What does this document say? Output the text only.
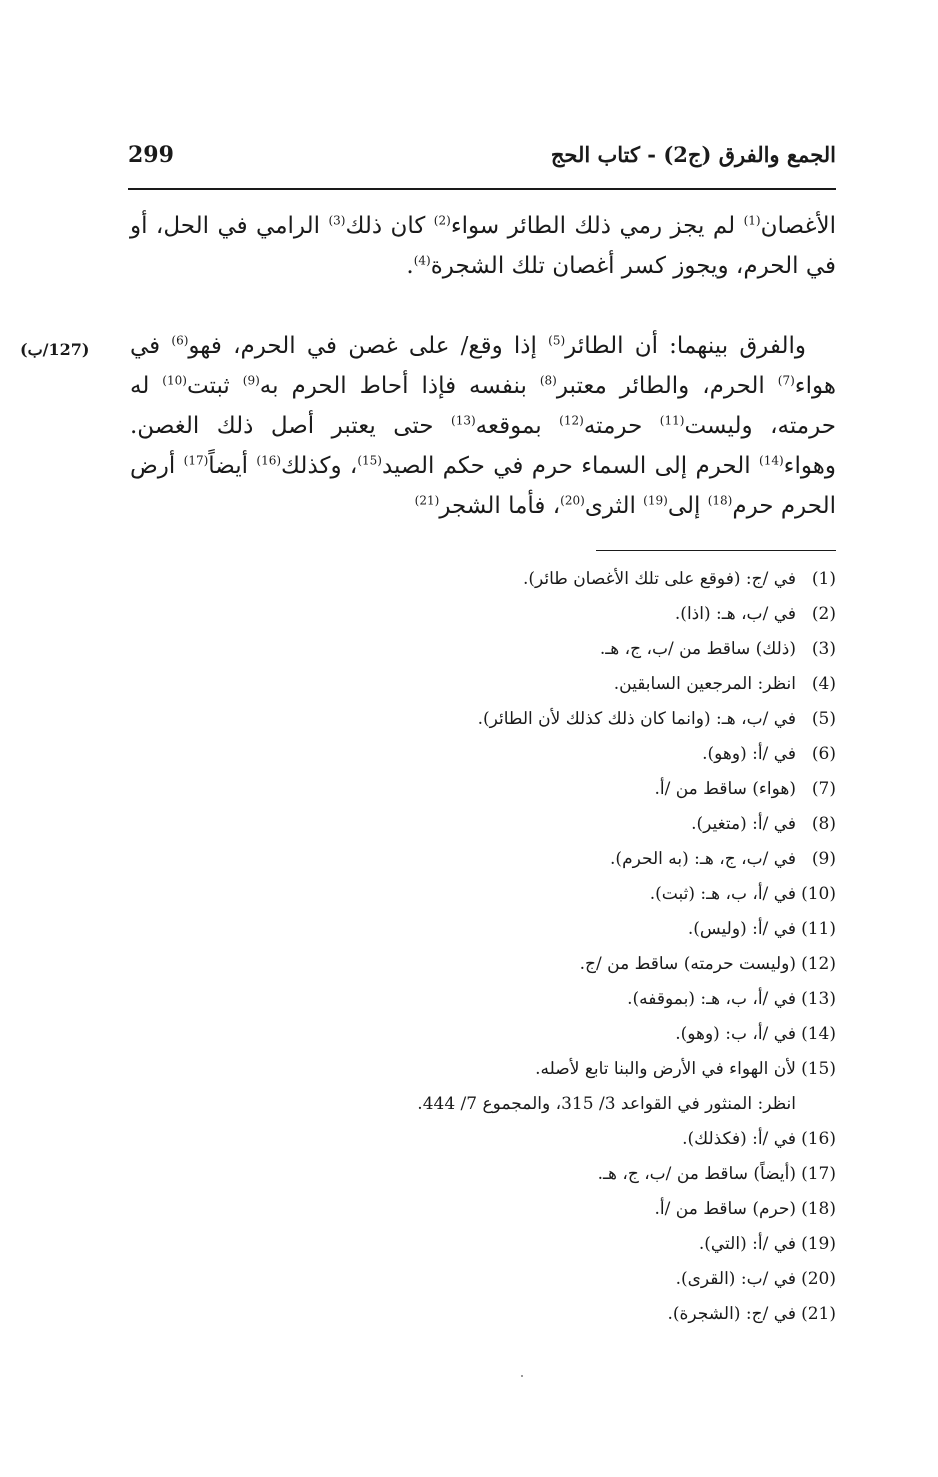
299	الجمع والفرق (ج2) - كتاب الحج
(127/ب)

الأغصان$^{(1)}$ لم يجز رمي ذلك الطائر سواء$^{(2)}$ كان ذلك$^{(3)}$ الرامي في الحل، أو في الحرم، ويجوز كسر أغصان تلك الشجرة$^{(4)}$.

والفرق بينهما: أن الطائر$^{(5)}$ إذا وقع/ على غصن في الحرم، فهو$^{(6)}$ في هواء$^{(7)}$ الحرم، والطائر معتبر$^{(8)}$ بنفسه فإذا أحاط الحرم به$^{(9)}$ ثبتت$^{(10)}$ له حرمته، وليست$^{(11)}$ حرمته$^{(12)}$ بموقعه$^{(13)}$ حتى يعتبر أصل ذلك الغصن. وهواء$^{(14)}$ الحرم إلى السماء حرم في حكم الصيد$^{(15)}$، وكذلك$^{(16)}$ أيضاً$^{(17)}$ أرض الحرم حرم$^{(18)}$ إلى$^{(19)}$ الثرى$^{(20)}$، فأما الشجر$^{(21)}$

(1)
في /ج: (فوقع على تلك الأغصان طائر).
(2)
في /ب، هـ: (اذا).
(3)
(ذلك) ساقط من /ب، ج، هـ.
(4)
انظر: المرجعين السابقين.
(5)
في /ب، هـ: (وانما كان ذلك كذلك لأن الطائر).
(6)
في /أ: (وهو).
(7)
(هواء) ساقط من /أ.
(8)
في /أ: (متغير).
(9)
في /ب، ج، هـ: (به الحرم).
(10)
في /أ، ب، هـ: (ثبت).
(11)
في /أ: (وليس).
(12)
(وليست حرمته) ساقط من /ج.
(13)
في /أ، ب، هـ: (بموقفه).
(14)
في /أ، ب: (وهو).
(15)
لأن الهواء في الأرض والبنا تابع لأصله.
انظر: المنثور في القواعد 3/ 315، والمجموع 7/ 444.
(16)
في /أ: (فكذلك).
(17)
(أيضاً) ساقط من /ب، ج، هـ.
(18)
(حرم) ساقط من /أ.
(19)
في /أ: (التي).
(20)
في /ب: (القرى).
(21)
في /ج: (الشجرة).
